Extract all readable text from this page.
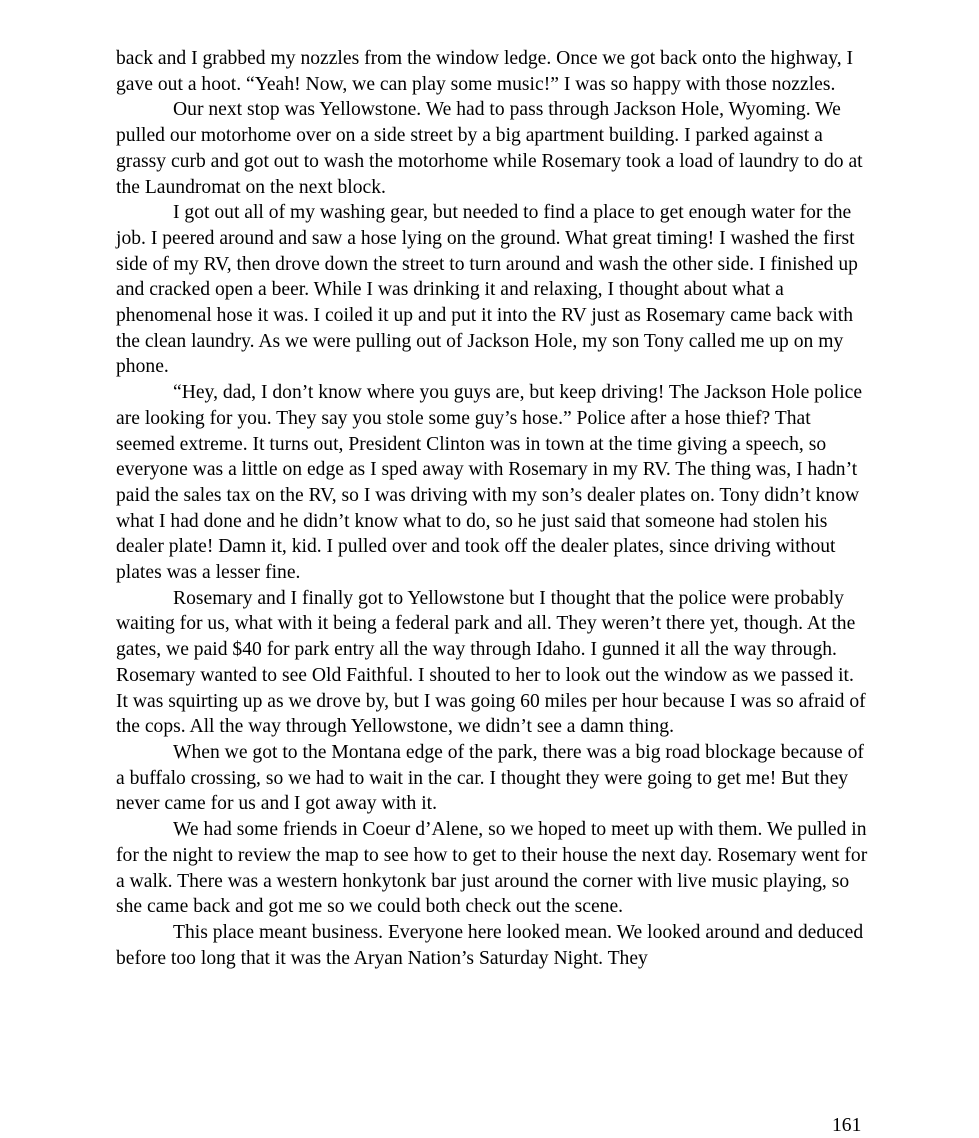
back and I grabbed my nozzles from the window ledge. Once we got back onto the highway, I gave out a hoot. “Yeah! Now, we can play some music!” I was so happy with those nozzles.

Our next stop was Yellowstone. We had to pass through Jackson Hole, Wyoming. We pulled our motorhome over on a side street by a big apartment building. I parked against a grassy curb and got out to wash the motorhome while Rosemary took a load of laundry to do at the Laundromat on the next block.

I got out all of my washing gear, but needed to find a place to get enough water for the job. I peered around and saw a hose lying on the ground. What great timing! I washed the first side of my RV, then drove down the street to turn around and wash the other side. I finished up and cracked open a beer. While I was drinking it and relaxing, I thought about what a phenomenal hose it was. I coiled it up and put it into the RV just as Rosemary came back with the clean laundry. As we were pulling out of Jackson Hole, my son Tony called me up on my phone.

“Hey, dad, I don’t know where you guys are, but keep driving! The Jackson Hole police are looking for you. They say you stole some guy’s hose.” Police after a hose thief? That seemed extreme. It turns out, President Clinton was in town at the time giving a speech, so everyone was a little on edge as I sped away with Rosemary in my RV. The thing was, I hadn’t paid the sales tax on the RV, so I was driving with my son’s dealer plates on. Tony didn’t know what I had done and he didn’t know what to do, so he just said that someone had stolen his dealer plate! Damn it, kid. I pulled over and took off the dealer plates, since driving without plates was a lesser fine.

Rosemary and I finally got to Yellowstone but I thought that the police were probably waiting for us, what with it being a federal park and all. They weren’t there yet, though. At the gates, we paid $40 for park entry all the way through Idaho. I gunned it all the way through. Rosemary wanted to see Old Faithful. I shouted to her to look out the window as we passed it. It was squirting up as we drove by, but I was going 60 miles per hour because I was so afraid of the cops. All the way through Yellowstone, we didn’t see a damn thing.

When we got to the Montana edge of the park, there was a big road blockage because of a buffalo crossing, so we had to wait in the car. I thought they were going to get me! But they never came for us and I got away with it.

We had some friends in Coeur d’Alene, so we hoped to meet up with them. We pulled in for the night to review the map to see how to get to their house the next day. Rosemary went for a walk. There was a western honkytonk bar just around the corner with live music playing, so she came back and got me so we could both check out the scene.

This place meant business. Everyone here looked mean. We looked around and deduced before too long that it was the Aryan Nation’s Saturday Night. They

161
